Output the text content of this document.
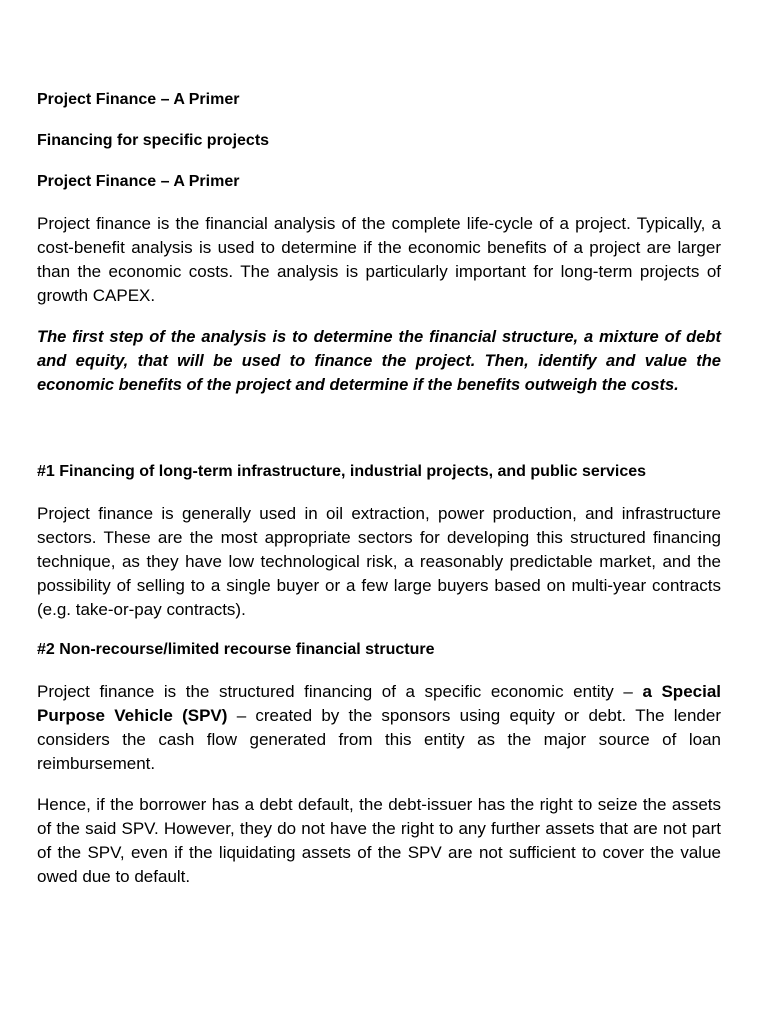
Project Finance – A Primer
Financing for specific projects
Project Finance – A Primer

Project finance is the financial analysis of the complete life-cycle of a project. Typically, a cost-benefit analysis is used to determine if the economic benefits of a project are larger than the economic costs. The analysis is particularly important for long-term projects of growth CAPEX.

The first step of the analysis is to determine the financial structure, a mixture of debt and equity, that will be used to finance the project. Then, identify and value the economic benefits of the project and determine if the benefits outweigh the costs.

#1 Financing of long-term infrastructure, industrial projects, and public services

Project finance is generally used in oil extraction, power production, and infrastructure sectors. These are the most appropriate sectors for developing this structured financing technique, as they have low technological risk, a reasonably predictable market, and the possibility of selling to a single buyer or a few large buyers based on multi-year contracts (e.g. take-or-pay contracts).

#2 Non-recourse/limited recourse financial structure

Project finance is the structured financing of a specific economic entity – a Special Purpose Vehicle (SPV) – created by the sponsors using equity or debt. The lender considers the cash flow generated from this entity as the major source of loan reimbursement.

Hence, if the borrower has a debt default, the debt-issuer has the right to seize the assets of the said SPV. However, they do not have the right to any further assets that are not part of the SPV, even if the liquidating assets of the SPV are not sufficient to cover the value owed due to default.
